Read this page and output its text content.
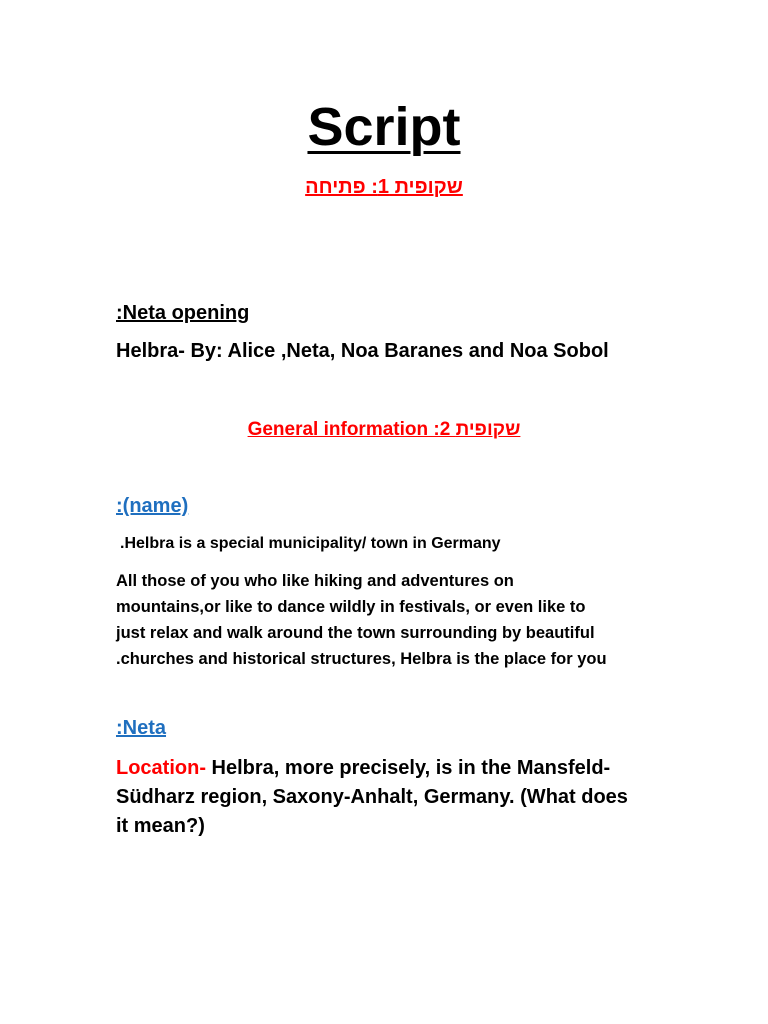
Script
שקופית 1: פתיחה
:Neta opening
Helbra- By: Alice ,Neta, Noa Baranes and Noa Sobol
General information :2 שקופית
:(name)
.Helbra is a special municipality/ town in Germany
All those of you who like hiking and adventures on
mountains,or like to dance wildly in festivals, or even like to
just relax and walk around the town surrounding by beautiful
.churches and historical structures, Helbra is the place for you
:Neta
Location- Helbra, more precisely, is in the Mansfeld-
Südharz region, Saxony-Anhalt, Germany. (What does
it mean?)
